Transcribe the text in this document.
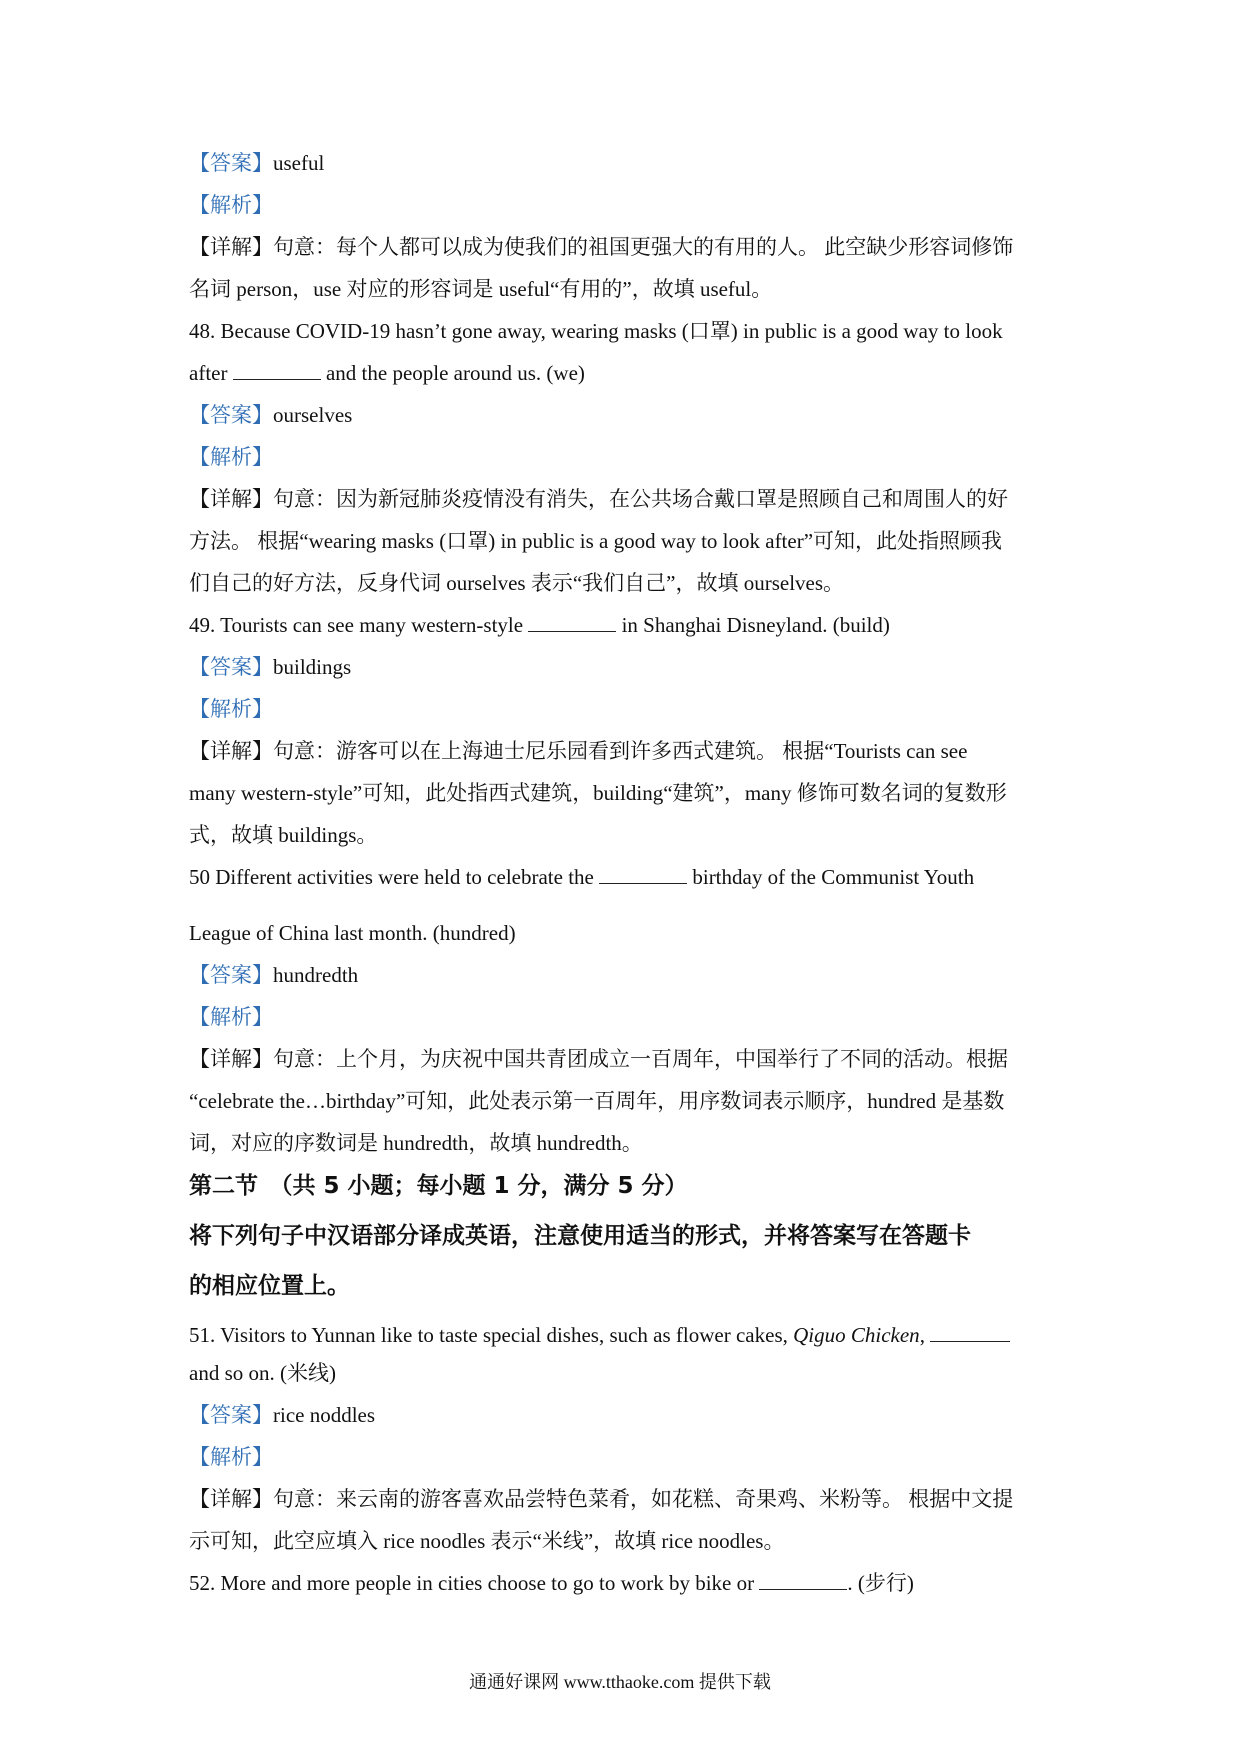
【答案】useful
【解析】
【详解】句意：每个人都可以成为使我们的祖国更强大的有用的人。 此空缺少形容词修饰
名词 person，use 对应的形容词是 useful“有用的”，故填 useful。
48. Because COVID-19 hasn’t gone away, wearing masks (口罩) in public is a good way to look
after	and the people around us. (we)
【答案】ourselves
【解析】
【详解】句意：因为新冠肺炎疫情没有消失，在公共场合戴口罩是照顾自己和周围人的好
方法。 根据“wearing masks (口罩) in public is a good way to look after”可知，此处指照顾我
们自己的好方法，反身代词 ourselves 表示“我们自己”，故填 ourselves。
49. Tourists can see many western-style	in Shanghai Disneyland. (build)
【答案】buildings
【解析】
【详解】句意：游客可以在上海迪士尼乐园看到许多西式建筑。 根据“Tourists can see
many western-style”可知，此处指西式建筑，building“建筑”，many 修饰可数名词的复数形
式，故填 buildings。
50 Different activities were held to celebrate the	birthday of the Communist Youth
League of China last month. (hundred)
【答案】hundredth
【解析】
【详解】句意：上个月，为庆祝中国共青团成立一百周年，中国举行了不同的活动。根据
“celebrate the…birthday”可知，此处表示第一百周年，用序数词表示顺序，hundred 是基数
词，对应的序数词是 hundredth，故填 hundredth。
第二节　（共 5 小题；每小题 1 分，满分 5 分）
将下列句子中汉语部分译成英语，注意使用适当的形式，并将答案写在答题卡
的相应位置上。
51. Visitors to Yunnan like to taste special dishes, such as flower cakes, Qiguo Chicken,
and so on. (米线)
【答案】rice noddles
【解析】
【详解】句意：来云南的游客喜欢品尝特色菜肴，如花糕、奇果鸡、米粉等。 根据中文提
示可知，此空应填入 rice noodles 表示“米线”，故填 rice noodles。
52. More and more people in cities choose to go to work by bike or	. (步行)
通通好课网 www.tthaoke.com 提供下载
